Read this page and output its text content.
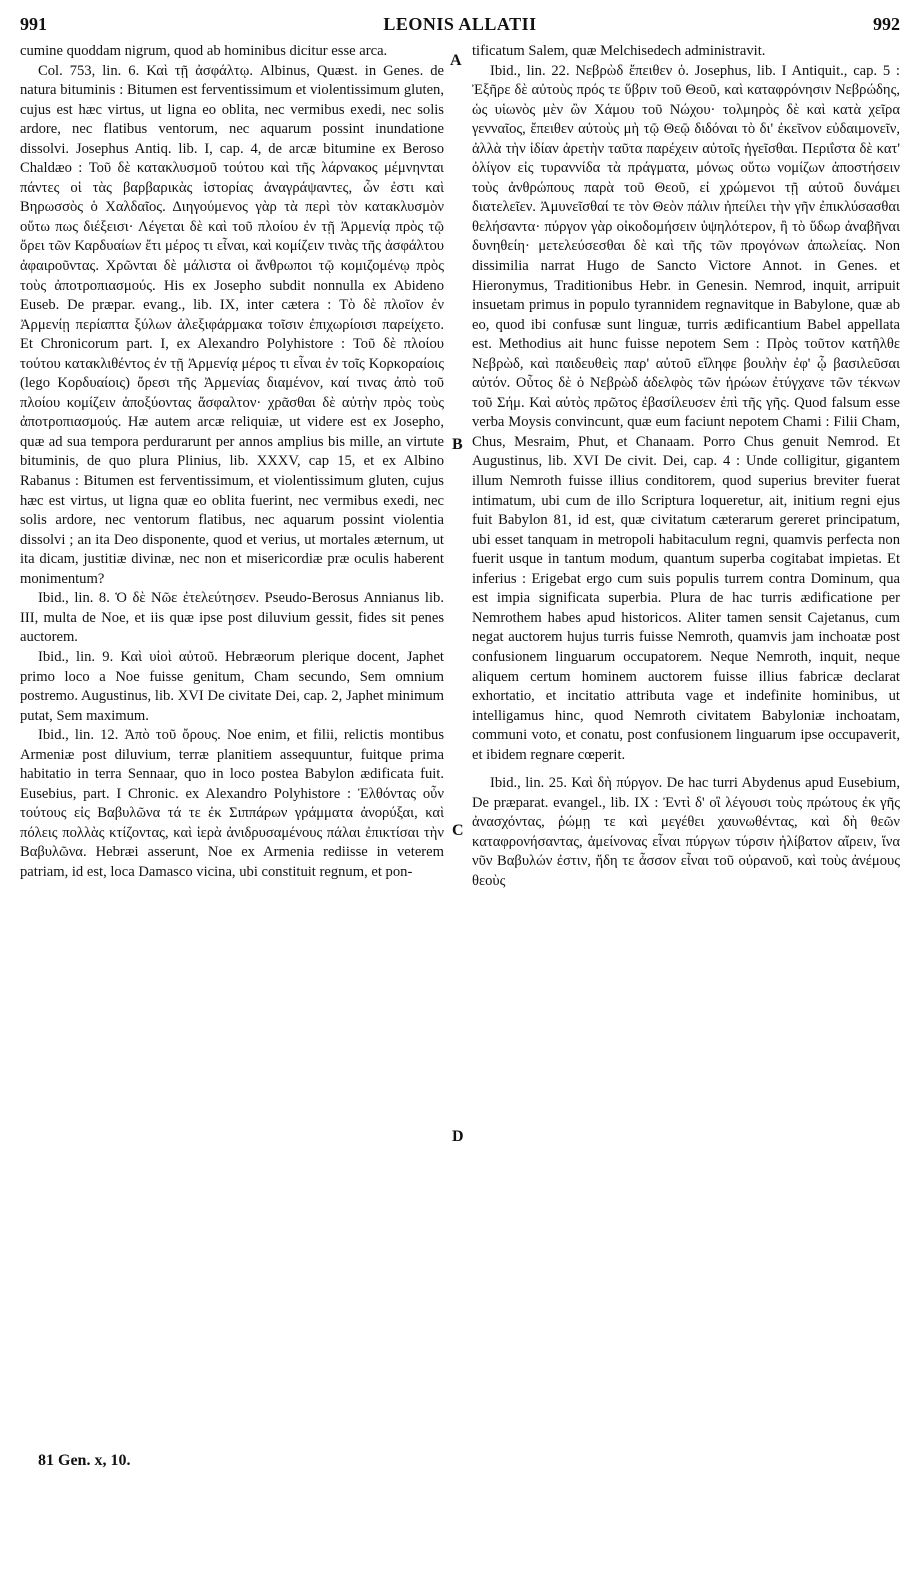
991	LEONIS ALLATII	992

cumine quoddam nigrum, quod ab hominibus dicitur esse arca.

Col. 753, lin. 6. Καὶ τῇ ἀσφάλτῳ. Albinus, Quæst. in Genes. de natura bituminis : Bitumen est ferventissimum et violentissimum gluten, cujus est hæc virtus, ut ligna eo oblita, nec vermibus exedi, nec solis ardore, nec flatibus ventorum, nec aquarum possint inundatione dissolvi. Josephus Antiq. lib. I, cap. 4, de arcæ bitumine ex Beroso Chaldæo : Τοῦ δὲ κατακλυσμοῦ τούτου καὶ τῆς λάρνακος μέμνηνται πάντες οἱ τὰς βαρβαρικὰς ἱστορίας ἀναγράψαντες, ὧν ἐστι καὶ Βηρωσσὸς ὁ Χαλδαῖος. Διηγούμενος γὰρ τὰ περὶ τὸν κατακλυσμὸν οὕτω πως διέξεισι· Λέγεται δὲ καὶ τοῦ πλοίου ἐν τῇ Ἀρμενίᾳ πρὸς τῷ ὄρει τῶν Καρδυαίων ἔτι μέρος τι εἶναι, καὶ κομίζειν τινὰς τῆς ἀσφάλτου ἀφαιροῦντας. Χρῶνται δὲ μάλιστα οἱ ἄνθρωποι τῷ κομιζομένῳ πρὸς τοὺς ἀποτροπιασμούς. His ex Josepho subdit nonnulla ex Abideno Euseb. De præpar. evang., lib. IX, inter cætera : Τὸ δὲ πλοῖον ἐν Ἀρμενίῃ περίαπτα ξύλων ἀλεξιφάρμακα τοῖσιν ἐπιχωρίοισι παρείχετο. Et Chronicorum part. I, ex Alexandro Polyhistore : Τοῦ δὲ πλοίου τούτου κατακλιθέντος ἐν τῇ Ἀρμενίᾳ μέρος τι εἶναι ἐν τοῖς Κορκοραίοις (lego Κορδυαίοις) ὄρεσι τῆς Ἀρμενίας διαμένον, καί τινας ἀπὸ τοῦ πλοίου κομίζειν ἀποξύοντας ἄσφαλτον· χρᾶσθαι δὲ αὐτὴν πρὸς τοὺς ἀποτροπιασμούς. Hæ autem arcæ reliquiæ, ut videre est ex Josepho, quæ ad sua tempora perdurarunt per annos amplius bis mille, an virtute bituminis, de quo plura Plinius, lib. XXXV, cap 15, et ex Albino Rabanus : Bitumen est ferventissimum, et violentissimum gluten, cujus hæc est virtus, ut ligna quæ eo oblita fuerint, nec vermibus exedi, nec solis ardore, nec ventorum flatibus, nec aquarum possint violentia dissolvi ; an ita Deo disponente, quod et verius, ut mortales æternum, ut ita dicam, justitiæ divinæ, nec non et misericordiæ præ oculis haberent monimentum?

Ibid., lin. 8. Ὁ δὲ Νῶε ἐτελεύτησεν. Pseudo-Berosus Annianus lib. III, multa de Noe, et iis quæ ipse post diluvium gessit, fides sit penes auctorem.

Ibid., lin. 9. Καὶ υἱοὶ αὐτοῦ. Hebræorum plerique docent, Japhet primo loco a Noe fuisse genitum, Cham secundo, Sem omnium postremo. Augustinus, lib. XVI De civitate Dei, cap. 2, Japhet minimum putat, Sem maximum.

Ibid., lin. 12. Ἀπὸ τοῦ ὄρους. Noe enim, et filii, relictis montibus Armeniæ post diluvium, terræ planitiem assequuntur, fuitque prima habitatio in terra Sennaar, quo in loco postea Babylon ædificata fuit. Eusebius, part. I Chronic. ex Alexandro Polyhistore : Ἐλθόντας οὖν τούτους εἰς Βαβυλῶνα τά τε ἐκ Σιππάρων γράμματα ἀνορύξαι, καὶ πόλεις πολλὰς κτίζοντας, καὶ ἱερὰ ἀνιδρυσαμένους πάλαι ἐπικτίσαι τὴν Βαβυλῶνα. Hebræi asserunt, Noe ex Armenia rediisse in veterem patriam, id est, loca Damasco vicina, ubi constituit regnum, et pon-

tificatum Salem, quæ Melchisedech administravit.

Ibid., lin. 22. Νεβρὼδ ἔπειθεν ὁ. Josephus, lib. I Antiquit., cap. 5 : Ἐξῆρε δὲ αὐτοὺς πρός τε ὕβριν τοῦ Θεοῦ, καὶ καταφρόνησιν Νεβρώδης, ὡς υἱωνὸς μὲν ὢν Χάμου τοῦ Νώχου· τολμηρὸς δὲ καὶ κατὰ χεῖρα γενναῖος, ἔπειθεν αὐτοὺς μὴ τῷ Θεῷ διδόναι τὸ δι' ἐκεῖνον εὐδαιμονεῖν, ἀλλὰ τὴν ἰδίαν ἀρετὴν ταῦτα παρέχειν αὐτοῖς ἡγεῖσθαι. Περιΐστα δὲ κατ' ὀλίγον εἰς τυραννίδα τὰ πράγματα, μόνως οὕτω νομίζων ἀποστήσειν τοὺς ἀνθρώπους παρὰ τοῦ Θεοῦ, εἰ χρώμενοι τῇ αὐτοῦ δυνάμει διατελεῖεν. Ἀμυνεῖσθαί τε τὸν Θεὸν πάλιν ἠπείλει τὴν γῆν ἐπικλύσασθαι θελήσαντα· πύργον γὰρ οἰκοδομήσειν ὑψηλότερον, ἢ τὸ ὕδωρ ἀναβῆναι δυνηθείη· μετελεύσεσθαι δὲ καὶ τῆς τῶν προγόνων ἀπωλείας. Non dissimilia narrat Hugo de Sancto Victore Annot. in Genes. et Hieronymus, Traditionibus Hebr. in Genesin. Nemrod, inquit, arripuit insuetam primus in populo tyrannidem regnavitque in Babylone, quæ ab eo, quod ibi confusæ sunt linguæ, turris ædificantium Babel appellata est. Methodius ait hunc fuisse nepotem Sem : Πρὸς τοῦτον κατῆλθε Νεβρὼδ, καὶ παιδευθεὶς παρ' αὐτοῦ εἴληφε βουλὴν ἐφ' ᾧ βασιλεῦσαι αὐτόν. Οὗτος δὲ ὁ Νεβρὼδ ἀδελφὸς τῶν ἡρώων ἐτύγχανε τῶν τέκνων τοῦ Σήμ. Καὶ αὐτὸς πρῶτος ἐβασίλευσεν ἐπὶ τῆς γῆς. Quod falsum esse verba Moysis convincunt, quæ eum faciunt nepotem Chami : Filii Cham, Chus, Mesraim, Phut, et Chanaam. Porro Chus genuit Nemrod. Et Augustinus, lib. XVI De civit. Dei, cap. 4 : Unde colligitur, gigantem illum Nemroth fuisse illius conditorem, quod superius breviter fuerat intimatum, ubi cum de illo Scriptura loqueretur, ait, initium regni ejus fuit Babylon 81, id est, quæ civitatum cæterarum gereret principatum, ubi esset tanquam in metropoli habitaculum regni, quamvis perfecta non fuerit usque in tantum modum, quantum superba cogitabat impietas. Et inferius : Erigebat ergo cum suis populis turrem contra Dominum, qua est impia significata superbia. Plura de hac turris ædificatione per Nemrothem habes apud historicos. Aliter tamen sensit Cajetanus, cum negat auctorem hujus turris fuisse Nemroth, quamvis jam inchoatæ post confusionem linguarum occupatorem. Neque Nemroth, inquit, neque aliquem certum hominem auctorem fuisse illius fabricæ declarat exhortatio, et incitatio attributa vage et indefinite hominibus, ut intelligamus hinc, quod Nemroth civitatem Babyloniæ inchoatam, communi voto, et conatu, post confusionem linguarum ipse occupaverit, et ibidem regnare cœperit.

Ibid., lin. 25. Καὶ δὴ πύργον. De hac turri Abydenus apud Eusebium, De præparat. evangel., lib. IX : Ἐντὶ δ' οἳ λέγουσι τοὺς πρώτους ἐκ γῆς ἀνασχόντας, ῥώμῃ τε καὶ μεγέθει χαυνωθέντας, καὶ δὴ θεῶν καταφρονήσαντας, ἀμείνονας εἶναι πύργων τύρσιν ἠλίβατον αἴρειν, ἵνα νῦν Βαβυλών ἐστιν, ἤδη τε ἆσσον εἶναι τοῦ οὐρανοῦ, καὶ τοὺς ἀνέμους θεοὺς

A
B
C
D
81 Gen. x, 10.
